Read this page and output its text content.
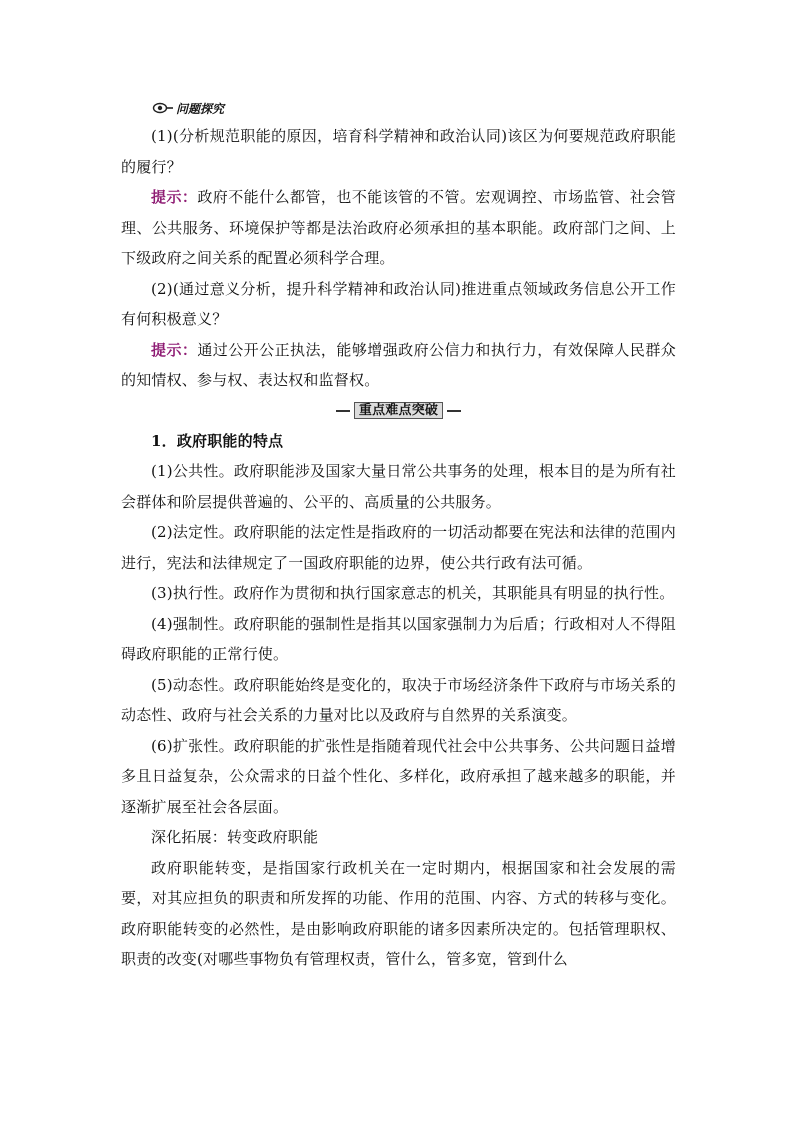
问题探究

(1)(分析规范职能的原因，培育科学精神和政治认同)该区为何要规范政府职能的履行？

提示：政府不能什么都管，也不能该管的不管。宏观调控、市场监管、社会管理、公共服务、环境保护等都是法治政府必须承担的基本职能。政府部门之间、上下级政府之间关系的配置必须科学合理。

(2)(通过意义分析，提升科学精神和政治认同)推进重点领域政务信息公开工作有何积极意义？

提示：通过公开公正执法，能够增强政府公信力和执行力，有效保障人民群众的知情权、参与权、表达权和监督权。

重点难点突破

1．政府职能的特点

(1)公共性。政府职能涉及国家大量日常公共事务的处理，根本目的是为所有社会群体和阶层提供普遍的、公平的、高质量的公共服务。

(2)法定性。政府职能的法定性是指政府的一切活动都要在宪法和法律的范围内进行，宪法和法律规定了一国政府职能的边界，使公共行政有法可循。

(3)执行性。政府作为贯彻和执行国家意志的机关，其职能具有明显的执行性。

(4)强制性。政府职能的强制性是指其以国家强制力为后盾；行政相对人不得阻碍政府职能的正常行使。

(5)动态性。政府职能始终是变化的，取决于市场经济条件下政府与市场关系的动态性、政府与社会关系的力量对比以及政府与自然界的关系演变。

(6)扩张性。政府职能的扩张性是指随着现代社会中公共事务、公共问题日益增多且日益复杂，公众需求的日益个性化、多样化，政府承担了越来越多的职能，并逐渐扩展至社会各层面。

深化拓展：转变政府职能

政府职能转变，是指国家行政机关在一定时期内，根据国家和社会发展的需要，对其应担负的职责和所发挥的功能、作用的范围、内容、方式的转移与变化。政府职能转变的必然性，是由影响政府职能的诸多因素所决定的。包括管理职权、职责的改变(对哪些事物负有管理权责，管什么，管多宽，管到什么
